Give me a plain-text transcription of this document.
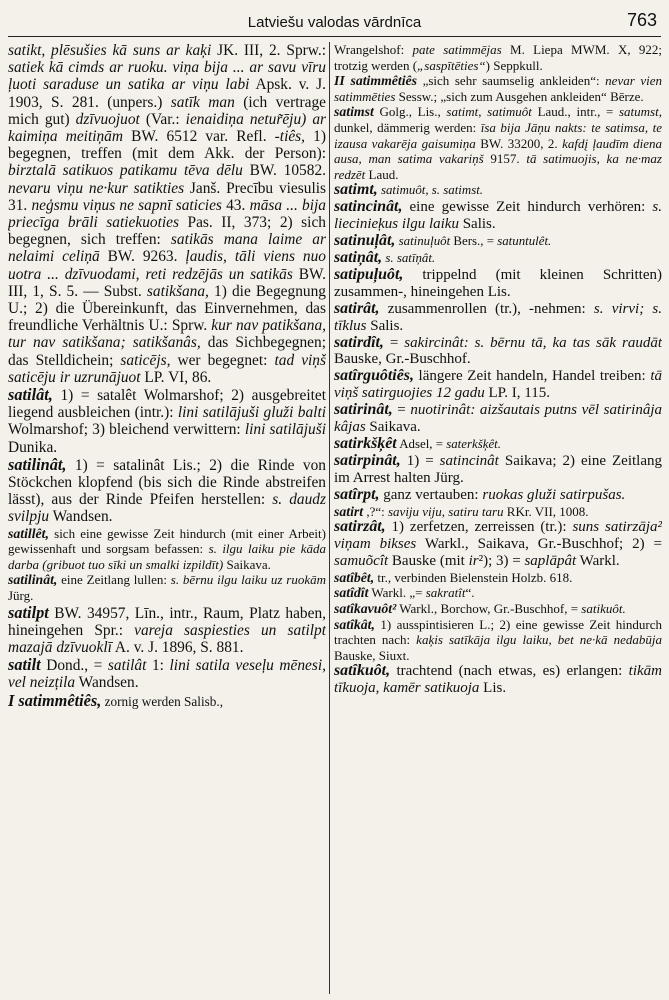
Latviešu valodas vārdnīca	763

satikt, plēsušies kā suns ar kaķi JK. III, 2. Sprw.: satiek kā cimds ar ruoku. viņa bija ... ar savu vīru ļuoti saraduse un satika ar viņu labi Apsk. v. J. 1903, S. 281. (unpers.) satīk man (ich vertrage mich gut) dzīvuojuot (Var.: ienaidiņa netur̃ēju) ar kaimiņa meitiņām BW. 6512 var. Refl. -tiês, 1) begegnen, treffen (mit dem Akk. der Person): birztalā satikuos patikamu tēva dēlu BW. 10582. nevaru viņu ne·kur satikties Janš. Precību viesulis 31. neģsmu viņus ne sapnī saticies 43. māsa ... bija priecīga brāli satiekuoties Pas. II, 373; 2) sich begegnen, sich treffen: satikās mana laime ar nelaimi celiņā BW. 9263. ļaudis, tāli viens nuo uotra ... dzīvuodami, reti redzējās un satikās BW. III, 1, S. 5. — Subst. satikšana, 1) die Begegnung U.; 2) die Übereinkunft, das Einvernehmen, das freundliche Verhältnis U.: Sprw. kur nav patikšana, tur nav satikšana; satikšanâs, das Sichbegegnen; das Stelldichein; saticējs, wer begegnet: tad viņš saticēju ir uzrunājuot LP. VI, 86.

satilât, 1) = satalêt Wolmarshof; 2) ausgebreitet liegend ausbleichen (intr.): lini satilājuši gluži balti Wolmarshof; 3) bleichend verwittern: lini satilājuši Dunika.

satilinât, 1) = satalinât Lis.; 2) die Rinde von Stöckchen klopfend (bis sich die Rinde abstreifen lässt), aus der Rinde Pfeifen herstellen: s. daudz svilpju Wandsen.

satillêt, sich eine gewisse Zeit hindurch (mit einer Arbeit) gewissenhaft und sorgsam befassen: s. ilgu laiku pie kāda darba (gribuot tuo sīki un smalki izpildīt) Saikava.

satilinât, eine Zeitlang lullen: s. bērnu ilgu laiku uz ruokām Jürg.

satilpt BW. 34957, Līn., intr., Raum, Platz haben, hineingehen Spr.: vareja saspiesties un satilpt mazajā dzīvuoklī A. v. J. 1896, S. 881.

satilt Dond., = satilât 1: lini satila veseļu mēnesi, vel neizțila Wandsen.

I satimmêtiês, zornig werden Salisb.,

Wrangelshof: pate satimmējas M. Liepa MWM. X, 922; trotzig werden („saspītēties“) Seppkull.

II satimmêtiês „sich sehr saumselig ankleiden“: nevar vien satimmēties Sessw.; „sich zum Ausgehen ankleiden“ Bērze.

satimst Golg., Lis., satimt, satimuôt Laud., intr., = satumst, dunkel, dämmerig werden: īsa bija Jāņu nakts: te satimsa, te izausa vakarēja gaisumiņa BW. 33200, 2. kafdį ļaudīm diena ausa, man satima vakariņš 9157. tā satimuojis, ka ne·maz redzēt Laud.

satimt, satimuôt, s. satimst.

satincinât, eine gewisse Zeit hindurch verhören: s. liecinie̦kus ilgu laiku Salis.

satinuļât, satinuļuôt Bers., = satuntulêt.

satiņât, s. satīņât.

satipuļuôt, trippelnd (mit kleinen Schritten) zusammen-, hineingehen Lis.

satirât, zusammenrollen (tr.), -nehmen: s. virvi; s. tīklus Salis.

satirdît, = sakircinât: s. bērnu tā, ka tas sāk raudāt Bauske, Gr.-Buschhof.

satîrguôtiês, längere Zeit handeln, Handel treiben: tā viņš satirguojies 12 gadu LP. I, 115.

satirinât, = nuotirinât: aizšautais putns vēl satirinâja kâjas Saikava.

satirkšķêt Adsel, = saterkšķêt.

satirpinât, 1) = satincinât Saikava; 2) eine Zeitlang im Arrest halten Jürg.

satîrpt, ganz vertauben: ruokas gluži satirpušas.

satirt ,?“: saviju viju, satiru taru RKr. VII, 1008.

satirzât, 1) zerfetzen, zerreissen (tr.): suns satirzāja² viņam bikses Warkl., Saikava, Gr.-Buschhof; 2) = samuõcît Bauske (mit ir²); 3) = saplāpât Warkl.

satîbêt, tr., verbinden Bielenstein Holzb. 618.

satîdît Warkl. „= sakratît“.

satîkavuôt² Warkl., Borchow, Gr.-Buschhof, = satikuôt.

satîkât, 1) ausspintisieren L.; 2) eine gewisse Zeit hindurch trachten nach: kaķis satīkāja ilgu laiku, bet ne·kā nedabūja Bauske, Siuxt.

satîkuôt, trachtend (nach etwas, es) erlangen: tikām tīkuoja, kamēr satikuoja Lis.
